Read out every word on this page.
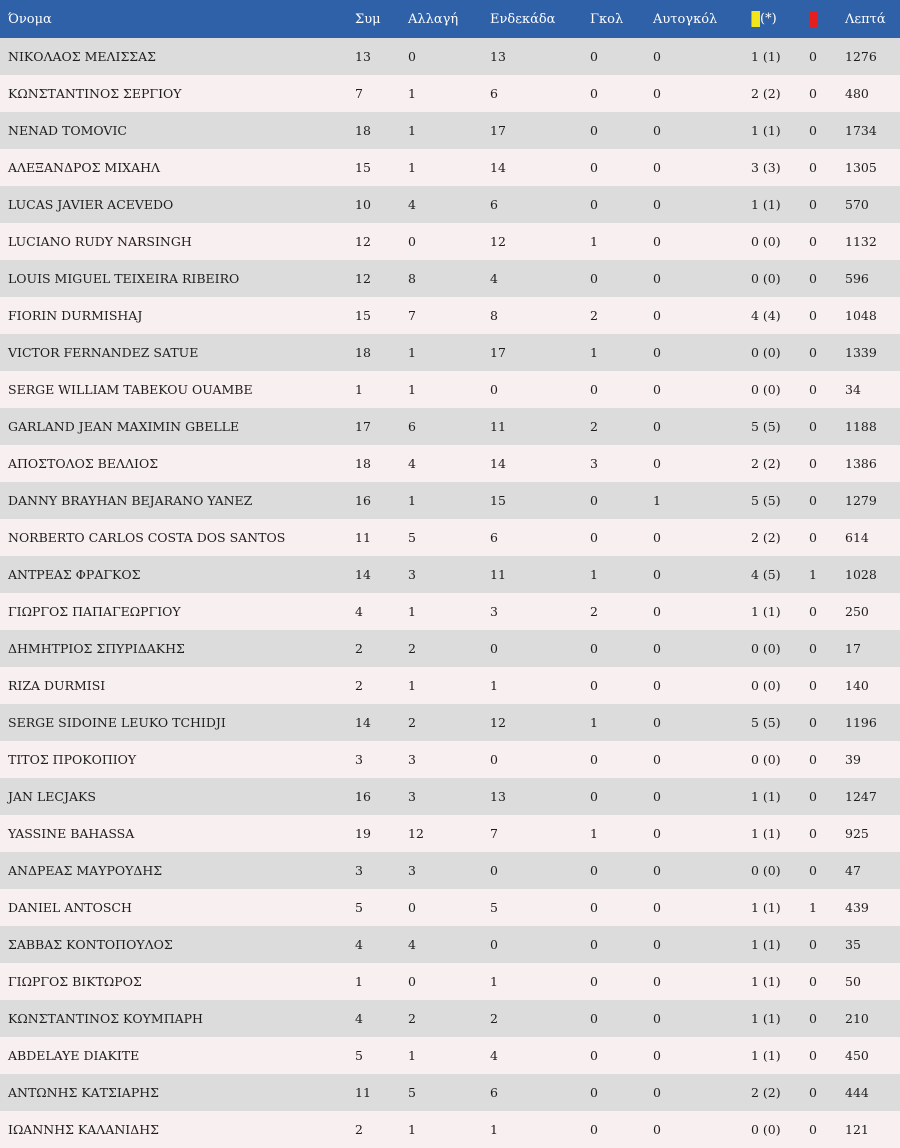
Όνομα	Συμ	Αλλαγή	Ενδεκάδα	Γκολ	Αυτογκόλ	(*)		Λεπτά
ΝΙΚΟΛΑΟΣ ΜΕΛΙΣΣΑΣ	13	0	13	0	0	1 (1)	0	1276
ΚΩΝΣΤΑΝΤΙΝΟΣ ΣΕΡΓΙΟΥ	7	1	6	0	0	2 (2)	0	480
NENAD TOMOVIC	18	1	17	0	0	1 (1)	0	1734
ΑΛΕΞΑΝΔΡΟΣ ΜΙΧΑΗΛ	15	1	14	0	0	3 (3)	0	1305
LUCAS JAVIER ACEVEDO	10	4	6	0	0	1 (1)	0	570
LUCIANO RUDY NARSINGH	12	0	12	1	0	0 (0)	0	1132
LOUIS MIGUEL TEIXEIRA RIBEIRO	12	8	4	0	0	0 (0)	0	596
FIORIN DURMISHAJ	15	7	8	2	0	4 (4)	0	1048
VICTOR FERNANDEZ SATUE	18	1	17	1	0	0 (0)	0	1339
SERGE WILLIAM TABEKOU OUAMBE	1	1	0	0	0	0 (0)	0	34
GARLAND JEAN MAXIMIN GBELLE	17	6	11	2	0	5 (5)	0	1188
ΑΠΟΣΤΟΛΟΣ ΒΕΛΛΙΟΣ	18	4	14	3	0	2 (2)	0	1386
DANNY BRAYHAN BEJARANO YANEZ	16	1	15	0	1	5 (5)	0	1279
NORBERTO CARLOS COSTA DOS SANTOS	11	5	6	0	0	2 (2)	0	614
ΑΝΤΡΕΑΣ ΦΡΑΓΚΟΣ	14	3	11	1	0	4 (5)	1	1028
ΓΙΩΡΓΟΣ ΠΑΠΑΓΕΩΡΓΙΟΥ	4	1	3	2	0	1 (1)	0	250
ΔΗΜΗΤΡΙΟΣ ΣΠΥΡΙΔΑΚΗΣ	2	2	0	0	0	0 (0)	0	17
RIZA DURMISI	2	1	1	0	0	0 (0)	0	140
SERGE SIDOINE LEUKO TCHIDJI	14	2	12	1	0	5 (5)	0	1196
ΤΙΤΟΣ ΠΡΟΚΟΠΙΟΥ	3	3	0	0	0	0 (0)	0	39
JAN LECJAKS	16	3	13	0	0	1 (1)	0	1247
YASSINE BAHASSA	19	12	7	1	0	1 (1)	0	925
ΑΝΔΡΕΑΣ ΜΑΥΡΟΥΔΗΣ	3	3	0	0	0	0 (0)	0	47
DANIEL ANTOSCH	5	0	5	0	0	1 (1)	1	439
ΣΑΒΒΑΣ ΚΟΝΤΟΠΟΥΛΟΣ	4	4	0	0	0	1 (1)	0	35
ΓΙΩΡΓΟΣ ΒΙΚΤΩΡΟΣ	1	0	1	0	0	1 (1)	0	50
ΚΩΝΣΤΑΝΤΙΝΟΣ ΚΟΥΜΠΑΡΗ	4	2	2	0	0	1 (1)	0	210
ABDELAYE DIAKITE	5	1	4	0	0	1 (1)	0	450
ΑΝΤΩΝΗΣ ΚΑΤΣΙΑΡΗΣ	11	5	6	0	0	2 (2)	0	444
ΙΩΑΝΝΗΣ ΚΑΛΑΝΙΔΗΣ	2	1	1	0	0	0 (0)	0	121
